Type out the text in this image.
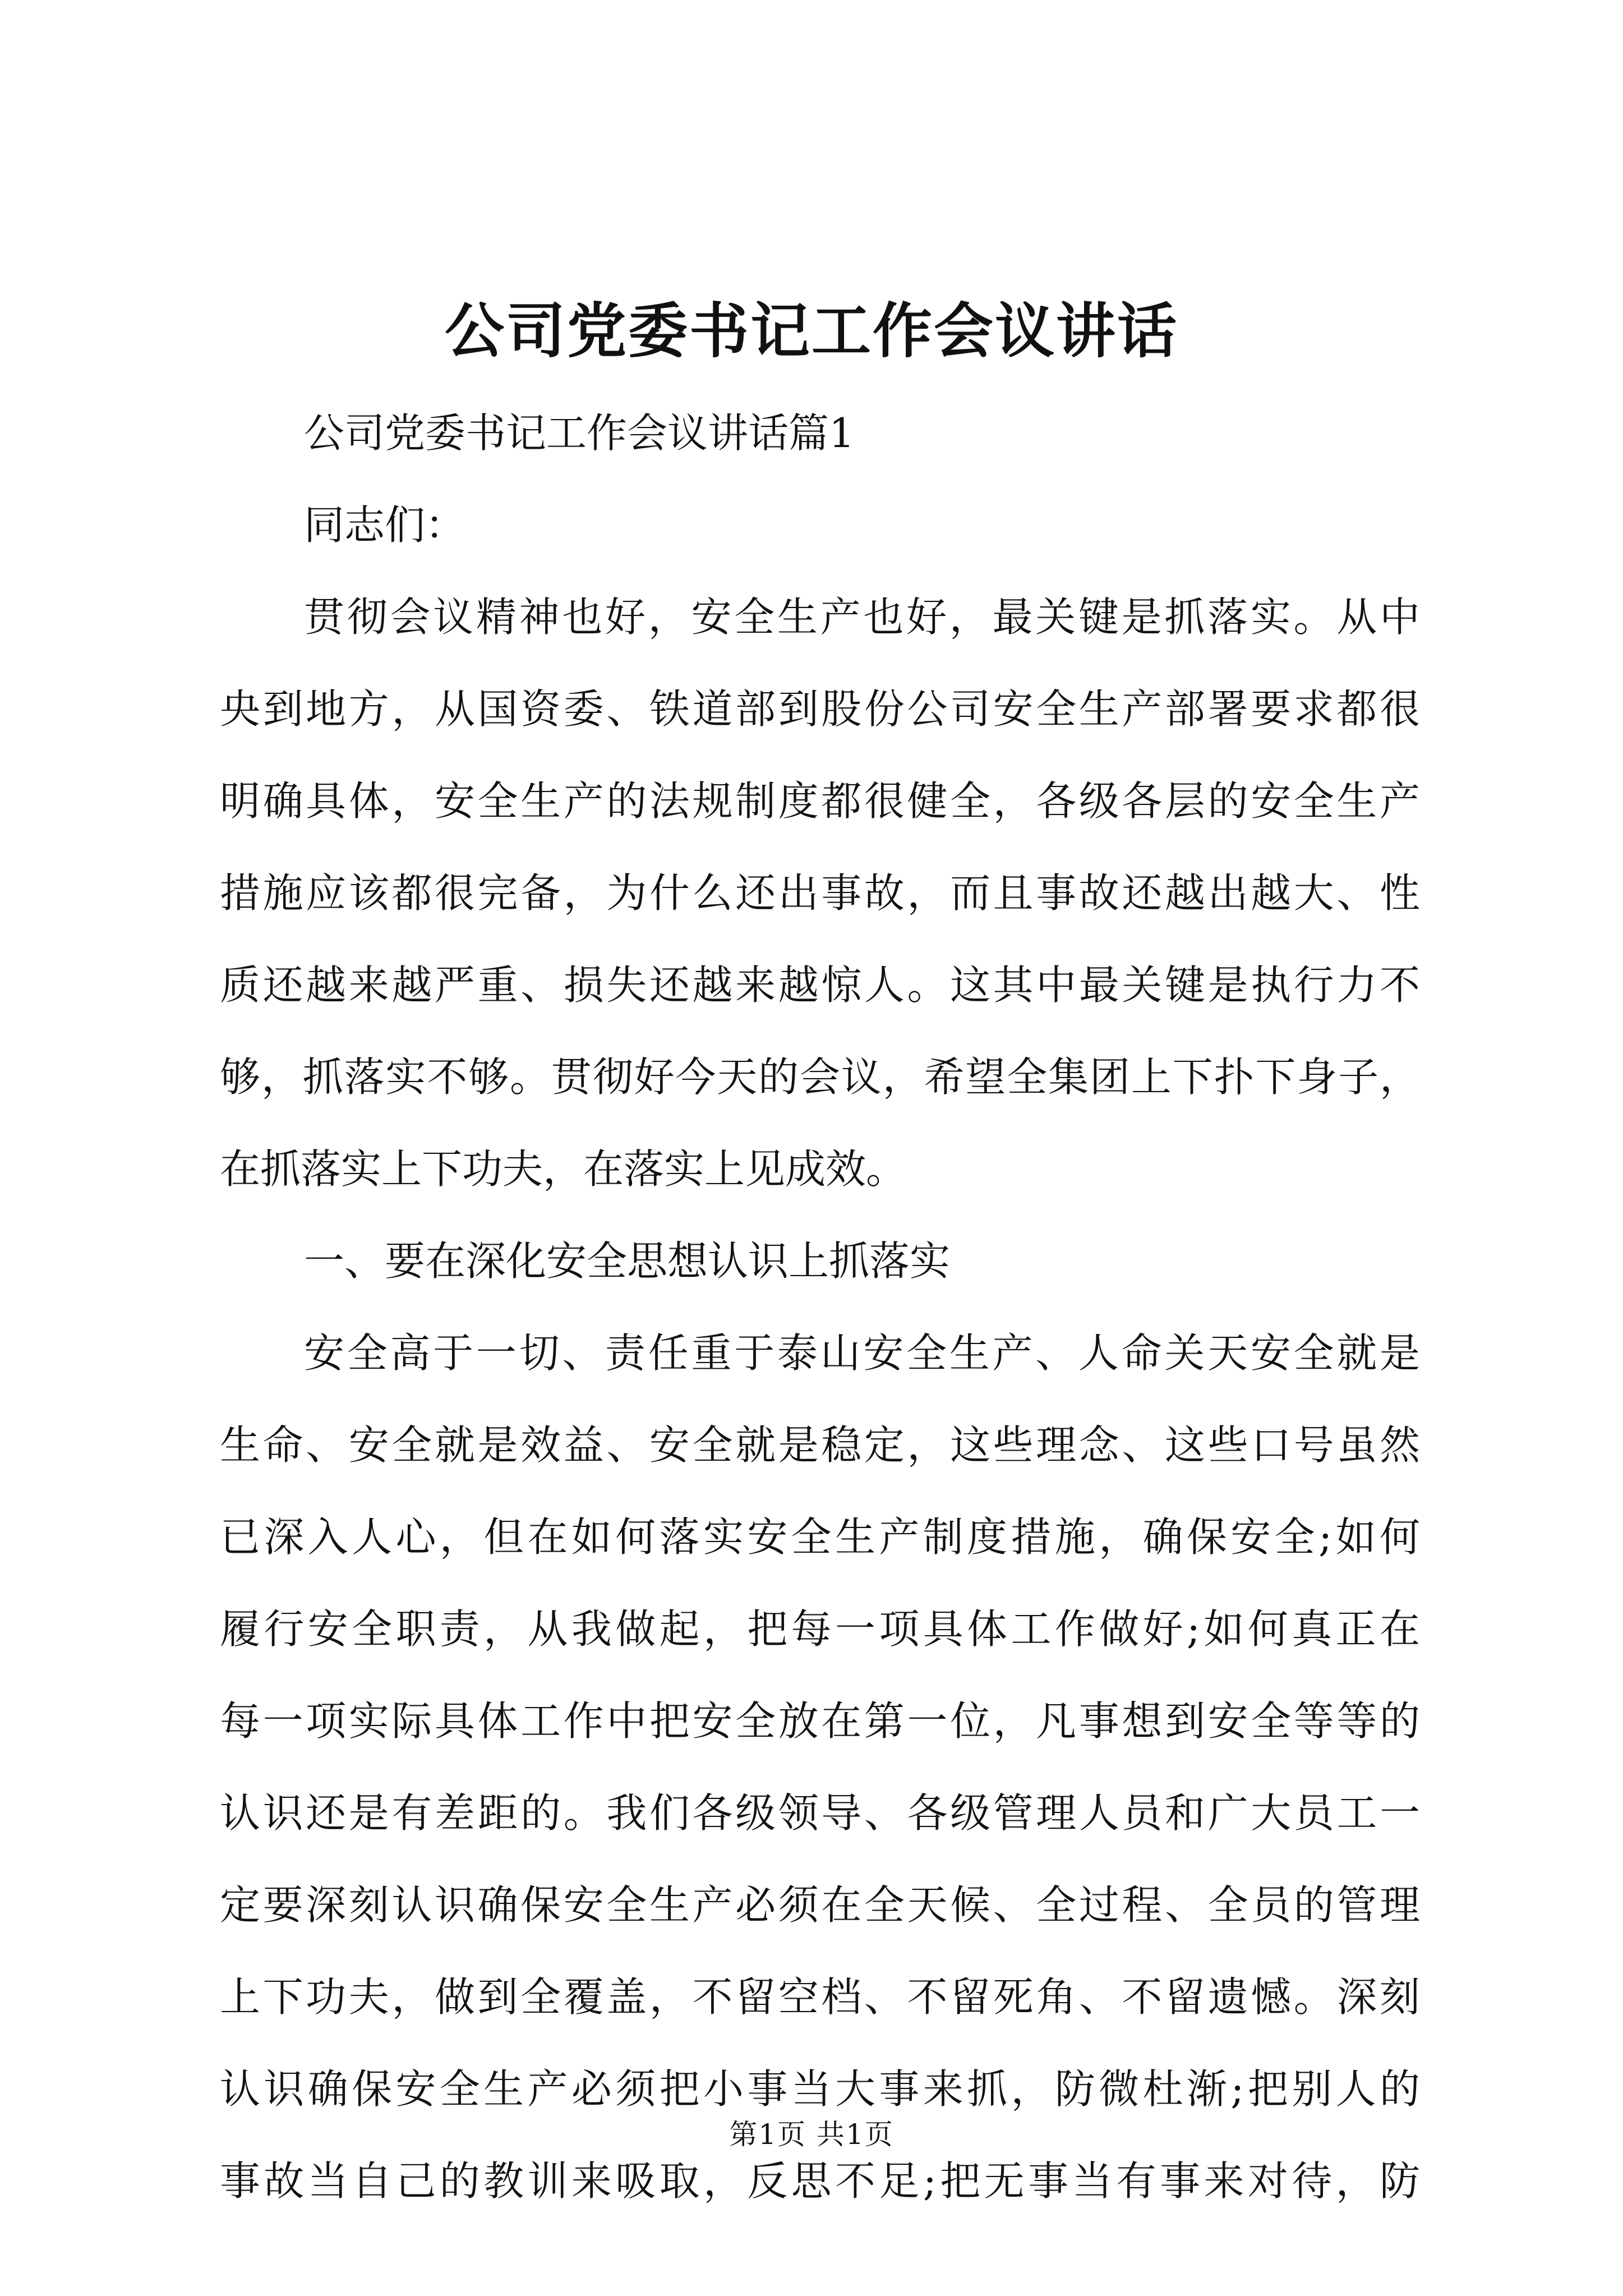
公司党委书记工作会议讲话
公司党委书记工作会议讲话篇1
同志们：
贯彻会议精神也好，安全生产也好，最关键是抓落实。从中
央到地方，从国资委、铁道部到股份公司安全生产部署要求都很
明确具体，安全生产的法规制度都很健全，各级各层的安全生产
措施应该都很完备，为什么还出事故，而且事故还越出越大、性
质还越来越严重、损失还越来越惊人。这其中最关键是执行力不
够，抓落实不够。贯彻好今天的会议，希望全集团上下扑下身子，
在抓落实上下功夫，在落实上见成效。
一、要在深化安全思想认识上抓落实
安全高于一切、责任重于泰山安全生产、人命关天安全就是
生命、安全就是效益、安全就是稳定，这些理念、这些口号虽然
已深入人心，但在如何落实安全生产制度措施，确保安全;如何
履行安全职责，从我做起，把每一项具体工作做好;如何真正在
每一项实际具体工作中把安全放在第一位，凡事想到安全等等的
认识还是有差距的。我们各级领导、各级管理人员和广大员工一
定要深刻认识确保安全生产必须在全天候、全过程、全员的管理
上下功夫，做到全覆盖，不留空档、不留死角、不留遗憾。深刻
认识确保安全生产必须把小事当大事来抓，防微杜渐;把别人的
事故当自己的教训来吸取，反思不足;把无事当有事来对待，防
第1页 共1页
